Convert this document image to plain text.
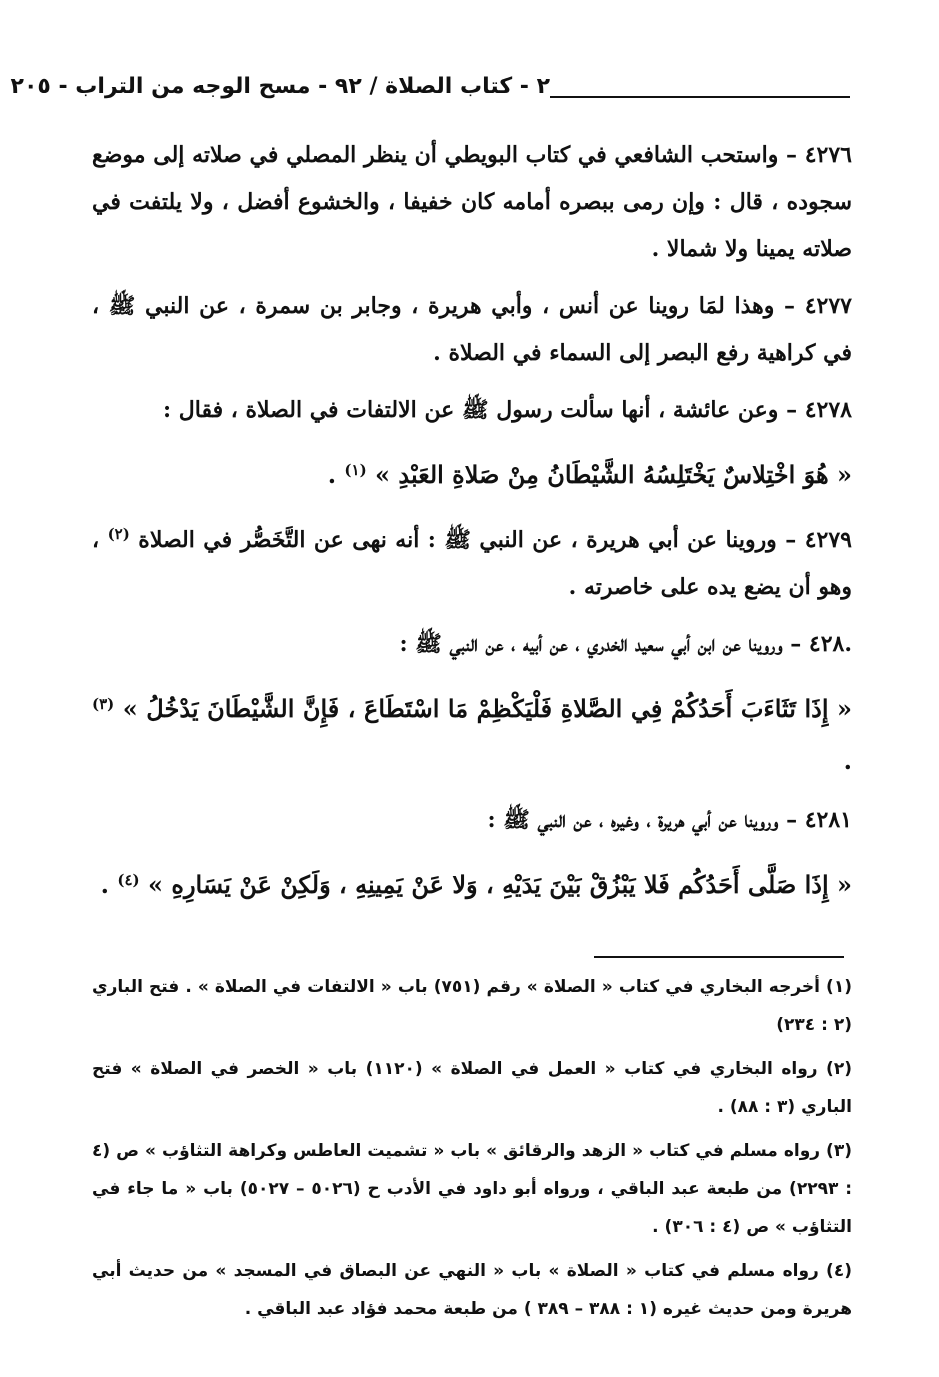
٢ - كتاب الصلاة / ٩٢ - مسح الوجه من التراب - ٢٠٥

٤٢٧٦ – واستحب الشافعي في كتاب البويطي أن ينظر المصلي في صلاته إلى موضع سجوده ، قال : وإن رمى ببصره أمامه كان خفيفا ، والخشوع أفضل ، ولا يلتفت في صلاته يمينا ولا شمالا .

٤٢٧٧ – وهذا لمَا روينا عن أنس ، وأبي هريرة ، وجابر بن سمرة ، عن النبي ﷺ ، في كراهية رفع البصر إلى السماء في الصلاة .

٤٢٧٨ – وعن عائشة ، أنها سألت رسول ﷺ عن الالتفات في الصلاة ، فقال :

« هُوَ اخْتِلاسٌ يَخْتَلِسُهُ الشَّيْطَانُ مِنْ صَلاةِ العَبْدِ » $^{(١)}$ .

٤٢٧٩ – وروينا عن أبي هريرة ، عن النبي ﷺ : أنه نهى عن التَّخَصُّر في الصلاة $^{(٢)}$ ، وهو أن يضع يده على خاصرته .

.٤٢٨ – وروينا عن ابن أبي سعيد الخدري ، عن أبيه ، عن النبي ﷺ :

« إِذَا تَثَاءَبَ أَحَدُكُمْ فِي الصَّلاةِ فَلْيَكْظِمْ مَا اسْتَطَاعَ ، فَإِنَّ الشَّيْطَانَ يَدْخُلُ » $^{(٣)}$ .

٤٢٨١ – وروينا عن أبي هريرة ، وغيره ، عن النبي ﷺ :

« إِذَا صَلَّى أَحَدُكُم فَلا يَبْزُقْ بَيْنَ يَدَيْهِ ، وَلا عَنْ يَمِينِهِ ، وَلَكِنْ عَنْ يَسَارِهِ » $^{(٤)}$ .

(١) أخرجه البخاري في كتاب « الصلاة » رقم (٧٥١) باب « الالتفات في الصلاة » . فتح الباري (٢ : ٢٣٤)

(٢) رواه البخاري في كتاب « العمل في الصلاة » (١١٢٠) باب « الخصر في الصلاة » فتح الباري (٣ : ٨٨) .

(٣) رواه مسلم في كتاب « الزهد والرقائق » باب « تشميت العاطس وكراهة التثاؤب » ص (٤ : ٢٢٩٣) من طبعة عبد الباقي ، ورواه أبو داود في الأدب ح (٥٠٢٦ – ٥٠٢٧) باب « ما جاء في التثاؤب » ص (٤ : ٣٠٦) .

(٤) رواه مسلم في كتاب « الصلاة » باب « النهي عن البصاق في المسجد » من حديث أبي هريرة ومن حديث غيره (١ : ٣٨٨ – ٣٨٩ ) من طبعة محمد فؤاد عبد الباقي .
